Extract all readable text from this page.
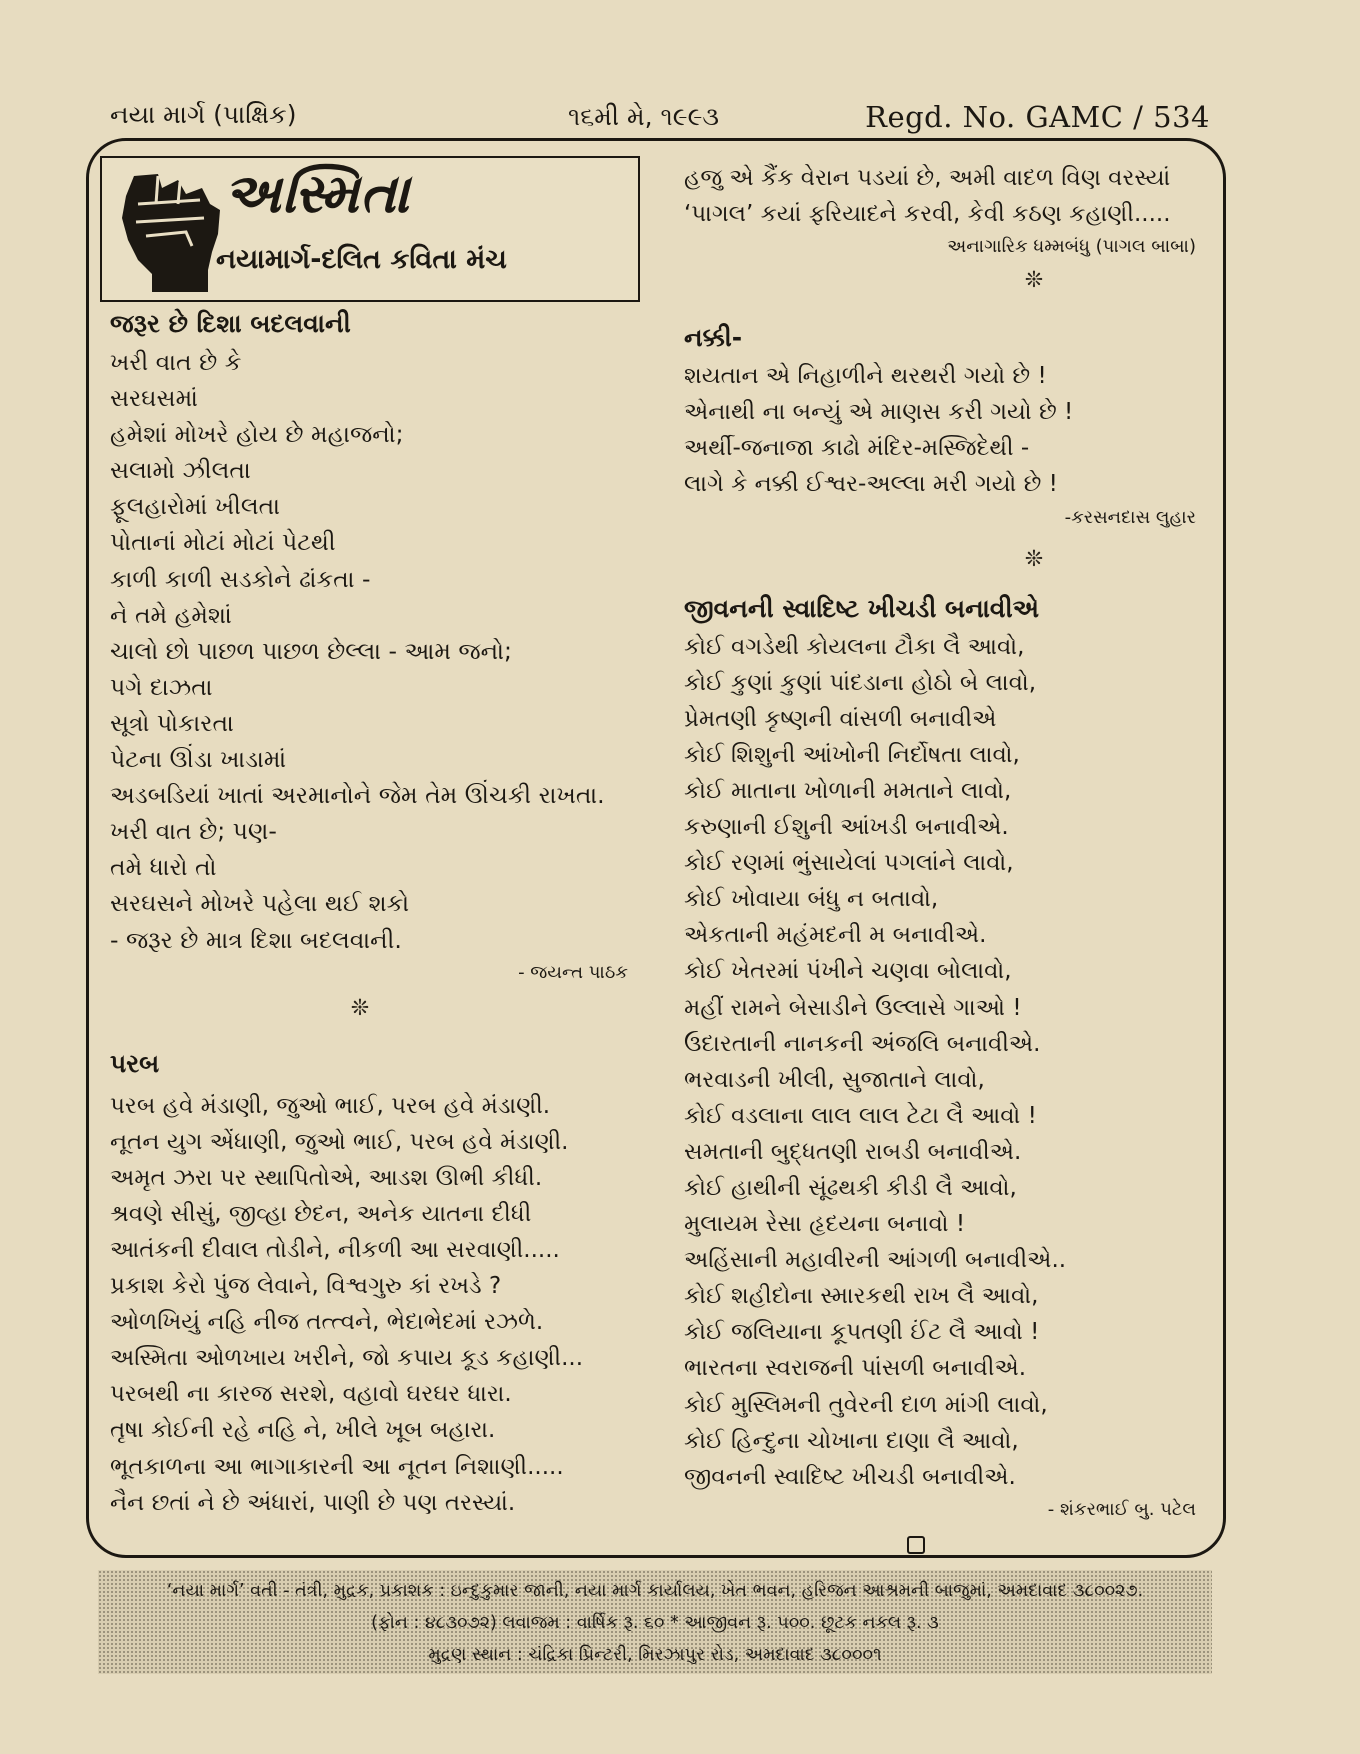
નયા માર્ગ (પાક્ષિક)	૧૬મી મે, ૧૯૯૩	Regd. No. GAMC / 534
અસ્મિતા
નયામાર્ગ-દલિત કવિતા મંચ
જરૂર છે દિશા બદલવાની
ખરી વાત છે કે
સરઘસમાં
હમેશાં મોખરે હોય છે મહાજનો;
સલામો ઝીલતા
ફૂલહારોમાં ખીલતા
પોતાનાં મોટાં મોટાં પેટથી
કાળી કાળી સડકોને ઢાંકતા -
ને તમે હમેશાં
ચાલો છો પાછળ પાછળ છેલ્લા - આમ જનો;
પગે દાઝતા
સૂત્રો પોકારતા
પેટના ઊંડા ખાડામાં
અડબડિયાં ખાતાં અરમાનોને જેમ તેમ ઊંચકી રાખતા.
ખરી વાત છે; પણ-
તમે ધારો તો
સરઘસને મોખરે પહેલા થઈ શકો
- જરૂર છે માત્ર દિશા બદલવાની.
- જયન્ત પાઠક
❊
પરબ
પરબ હવે મંડાણી, જુઓ ભાઈ, પરબ હવે મંડાણી.
નૂતન યુગ એંધાણી, જુઓ ભાઈ, પરબ હવે મંડાણી.
અમૃત ઝરા પર સ્થાપિતોએ, આડશ ઊભી કીધી.
શ્રવણે સીસું, જીવ્હા છેદન, અનેક યાતના દીધી
આતંકની દીવાલ તોડીને, નીકળી આ સરવાણી.....
પ્રકાશ કેરો પુંજ લેવાને, વિશ્વગુરુ કાં રખડે ?
ઓળખિયું નહિ નીજ તત્ત્વને, ભેદાભેદમાં રઝળે.
અસ્મિતા ઓળખાય ખરીને, જો કપાય કૂડ કહાણી...
પરબથી ના કારજ સરશે, વહાવો ઘરઘર ધારા.
તૃષા કોઈની રહે નહિ ને, ખીલે ખૂબ બહારા.
ભૂતકાળના આ ભાગાકારની આ નૂતન નિશાણી.....
નૈન છતાં ને છે અંધારાં, પાણી છે પણ તરસ્યાં.
હજુ એ કૈંક વેરાન પડયાં છે, અમી વાદળ વિણ વરસ્યાં
‘પાગલ’ કયાં ફરિયાદને કરવી, કેવી કઠણ કહાણી.....
અનાગારિક ધમ્મબંધુ (પાગલ બાબા)
❊
નક્કી-
શયતાન એ નિહાળીને થરથરી ગયો છે !
એનાથી ના બન્યું એ માણસ કરી ગયો છે !
અર્થી-જનાજા કાઢો મંદિર-મસ્જિદેથી -
લાગે કે નક્કી ઈશ્વર-અલ્લા મરી ગયો છે !
-કરસનદાસ લુહાર
❊
જીવનની સ્વાદિષ્ટ ખીચડી બનાવીએ
કોઈ વગડેથી કોયલના ટૌકા લૈ આવો,
કોઈ કુણાં કુણાં પાંદડાના હોઠો બે લાવો,
પ્રેમતણી કૃષ્ણની વાંસળી બનાવીએ
કોઈ શિશુની આંખોની નિર્દોષતા લાવો,
કોઈ માતાના ખોળાની મમતાને લાવો,
કરુણાની ઈશુની આંખડી બનાવીએ.
કોઈ રણમાં ભુંસાયેલાં પગલાંને લાવો,
કોઈ ખોવાયા બંધુ ન બતાવો,
એકતાની મહંમદની મ બનાવીએ.
કોઈ ખેતરમાં પંખીને ચણવા બોલાવો,
મહીં રામને બેસાડીને ઉલ્લાસે ગાઓ !
ઉદારતાની નાનકની અંજલિ બનાવીએ.
ભરવાડની ખીલી, સુજાતાને લાવો,
કોઈ વડલાના લાલ લાલ ટેટા લૈ આવો !
સમતાની બુદ્ધતણી રાબડી બનાવીએ.
કોઈ હાથીની સૂંઢથકી કીડી લૈ આવો,
મુલાયમ રેસા હૃદયના બનાવો !
અહિંસાની મહાવીરની આંગળી બનાવીએ..
કોઈ શહીદોના સ્મારકથી રાખ લૈ આવો,
કોઈ જલિયાના કૂપતણી ઈંટ લૈ આવો !
ભારતના સ્વરાજની પાંસળી બનાવીએ.
કોઈ મુસ્લિમની તુવેરની દાળ માંગી લાવો,
કોઈ હિન્દુના ચોખાના દાણા લૈ આવો,
જીવનની સ્વાદિષ્ટ ખીચડી બનાવીએ.
- શંકરભાઈ બુ. પટેલ
‘નયા માર્ગ’ વતી - તંત્રી, મુદ્રક, પ્રકાશક : ઇન્દુકુમાર જાની, નયા માર્ગ કાર્યાલય, ખેત ભવન, હરિજન આશ્રમની બાજુમાં, અમદાવાદ ૩૮૦૦૨૭.
(ફોન : ૪૮૩૦૭૨) લવાજમ : વાર્ષિક રૂ. ૬૦ * આજીવન રૂ. ૫૦૦. છૂટક નકલ રૂ. ૩
મુદ્રણ સ્થાન : ચંદ્રિકા પ્રિન્ટરી, મિરઝાપુર રોડ, અમદાવાદ ૩૮૦૦૦૧
